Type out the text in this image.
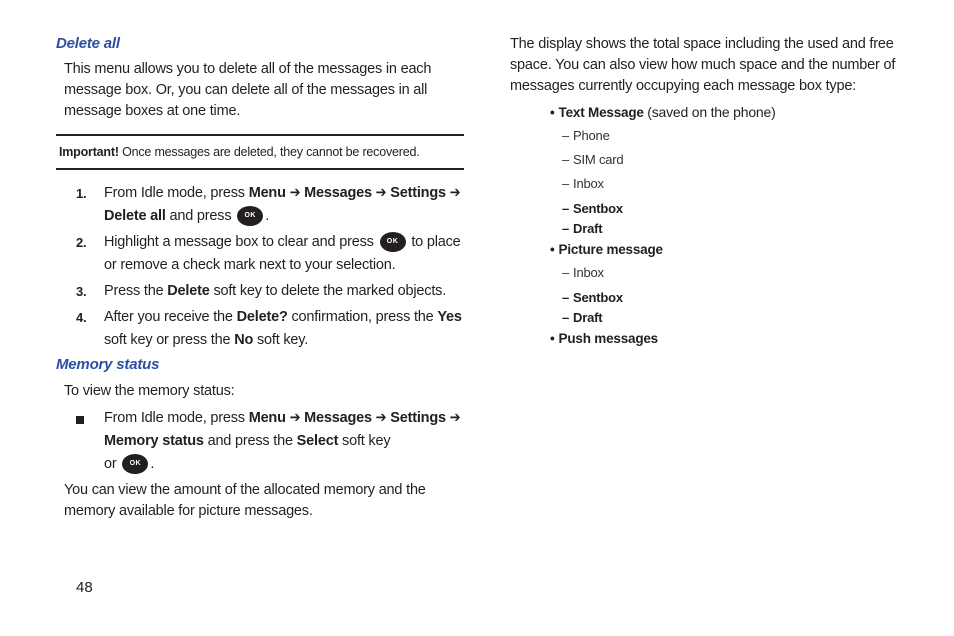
Delete all

This menu allows you to delete all of the messages in each message box. Or, you can delete all of the messages in all message boxes at one time.

Important! Once messages are deleted, they cannot be recovered.
1.	From Idle mode, press Menu ➔ Messages ➔ Settings ➔ Delete all and press OK .
2.	Highlight a message box to clear and press OK to place or remove a check mark next to your selection.
3.	Press the Delete soft key to delete the marked objects.
4.	After you receive the Delete? confirmation, press the Yes soft key or press the No soft key.
Memory status

To view the memory status:

From Idle mode, press Menu ➔ Messages ➔ Settings ➔ Memory status and press the Select soft key
or OK .

You can view the amount of the allocated memory and the memory available for picture messages.

The display shows the total space including the used and free space. You can also view how much space and the number of messages currently occupying each message box type:

• Text Message (saved on the phone)
– Phone
– SIM card
– Inbox
– Sentbox
– Draft
• Picture message
– Inbox
– Sentbox
– Draft
• Push messages
48
